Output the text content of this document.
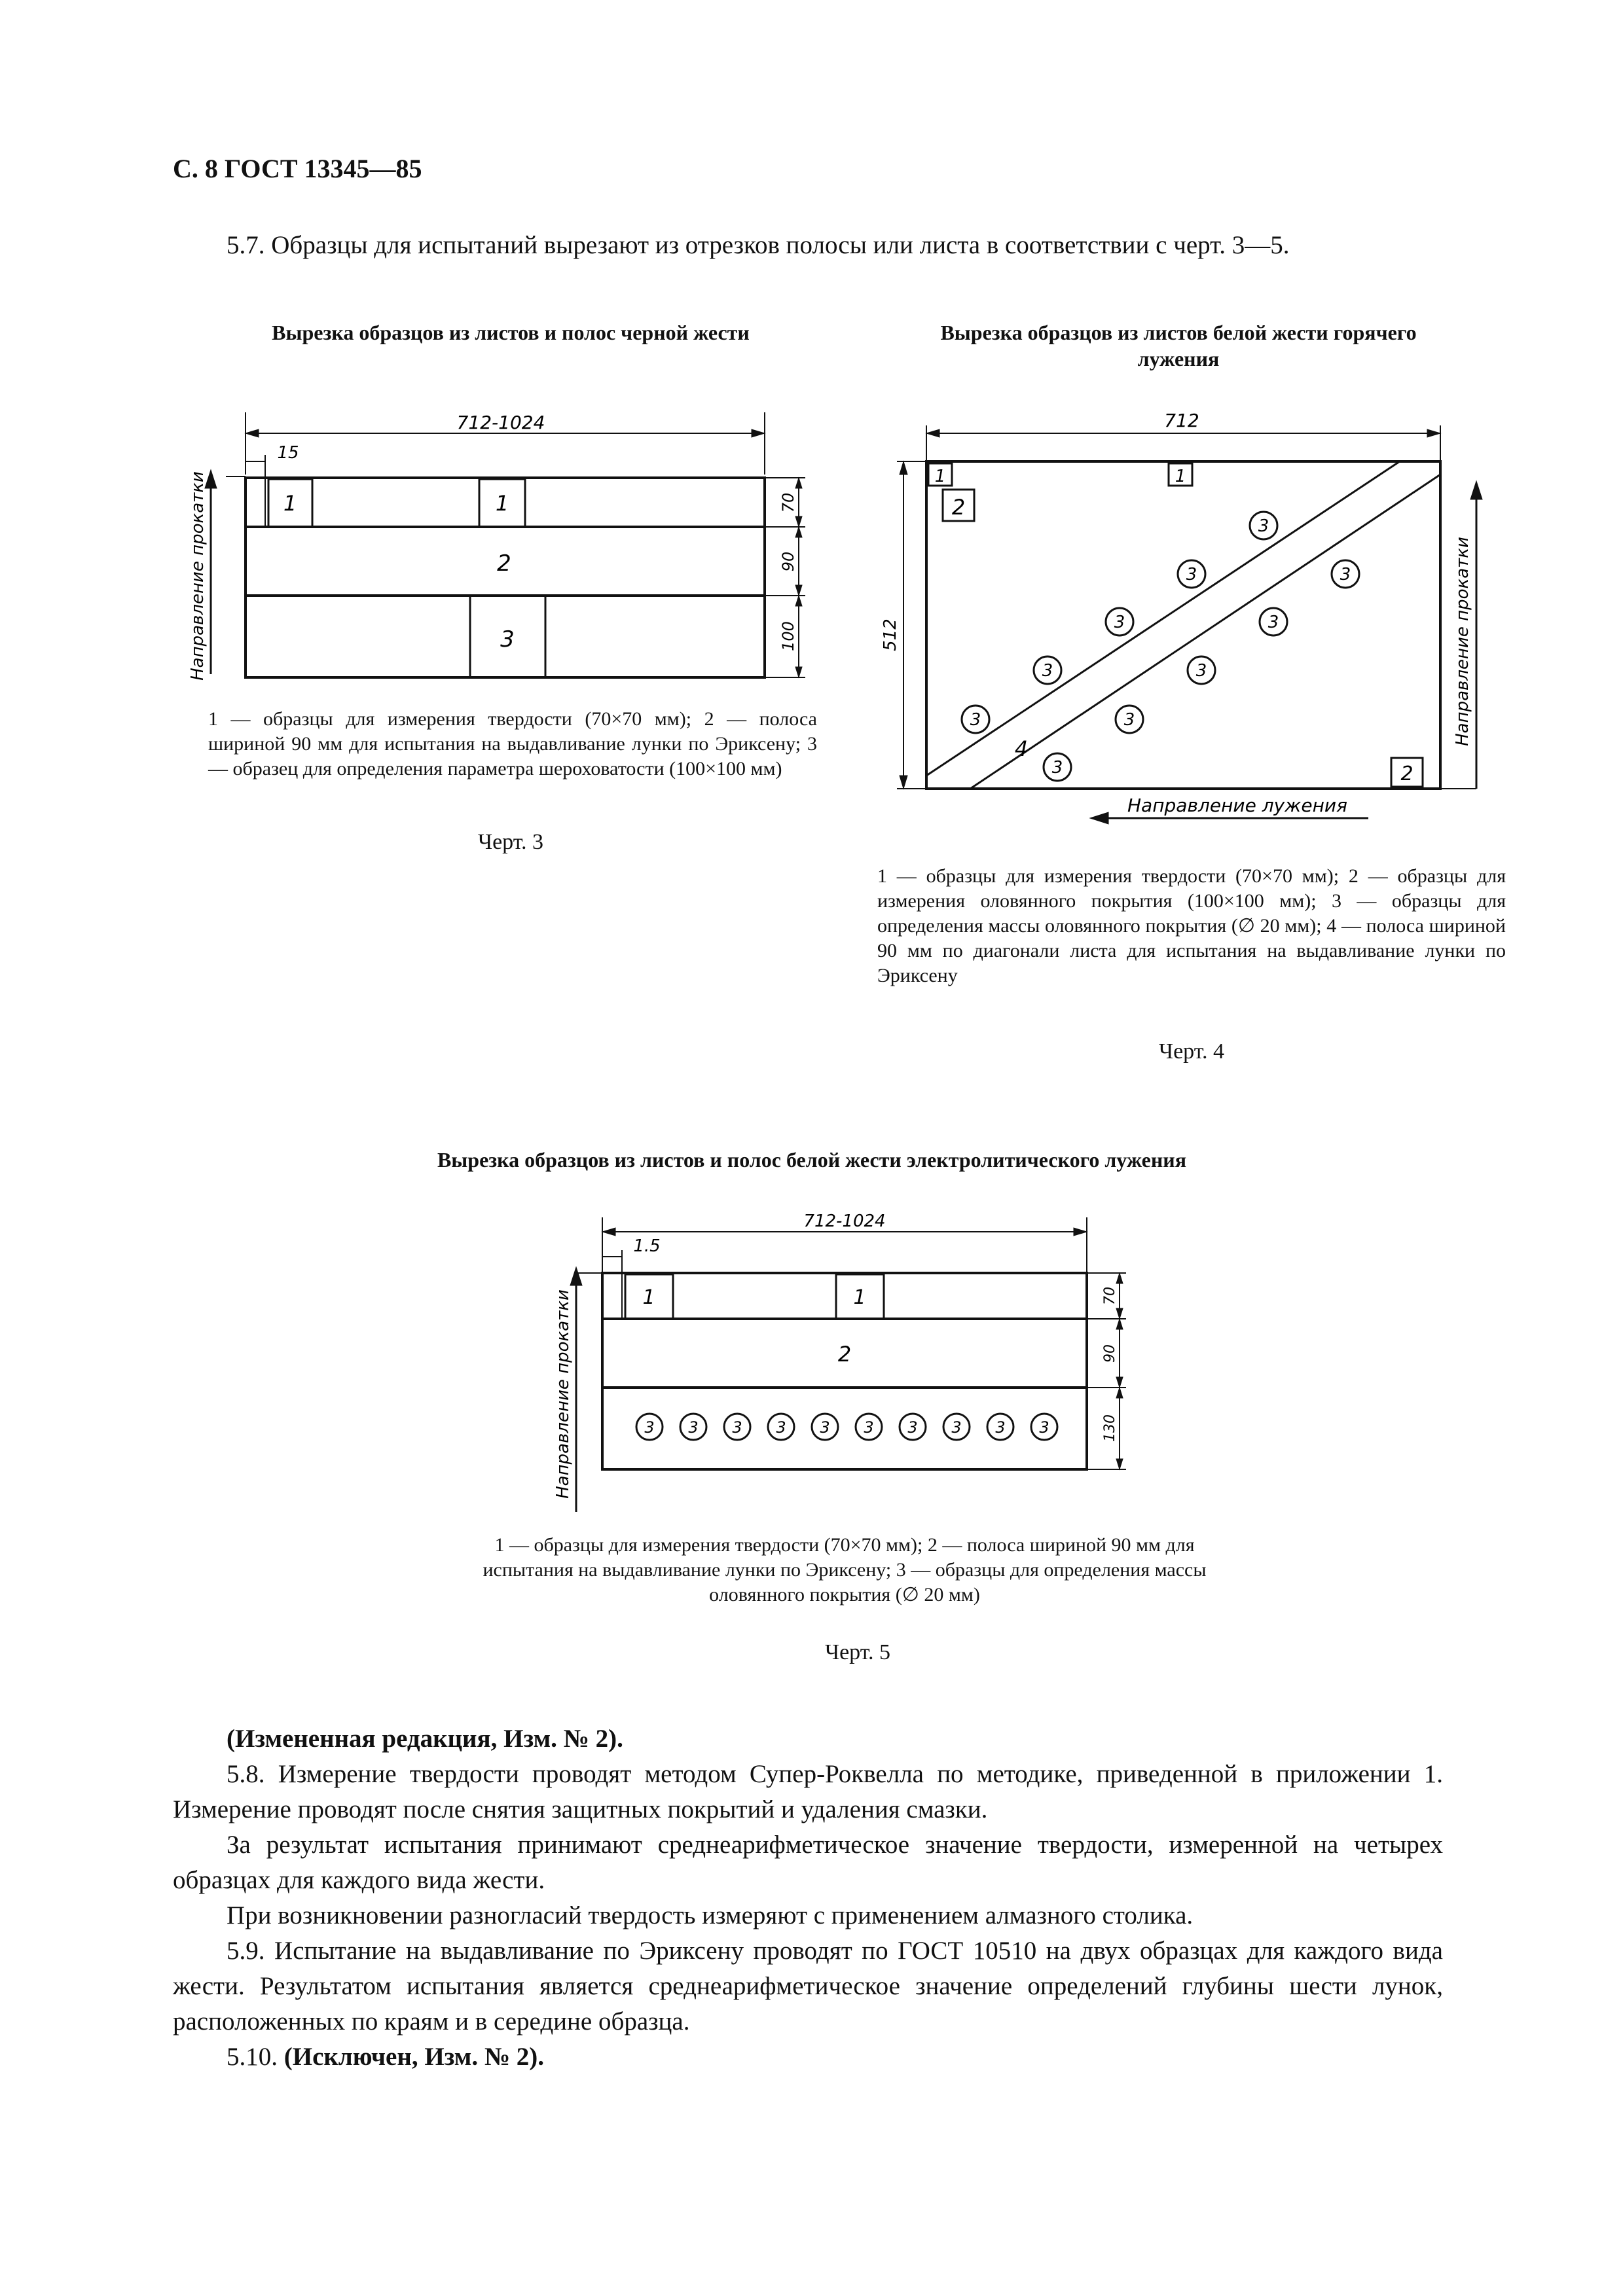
С. 8 ГОСТ 13345—85
5.7. Образцы для испытаний вырезают из отрезков полосы или листа в соответствии с черт. 3—5.
Вырезка образцов из листов и полос черной жести
712-1024
15
1	1
2
3
70
90
100
Направление прокатки
1 — образцы для измерения твердости (70×70 мм); 2 — полоса шириной 90 мм для испытания на выдавливание лунки по Эриксену; 3 — образец для определения параметра шероховатости (100×100 мм)
Черт. 3
Вырезка образцов из листов белой жести горячего лужения
712
512
1	1
2
2
3
3
3
3
3
3
3
3
3
3
4
Направление прокатки
Направление лужения
1 — образцы для измерения твердости (70×70 мм); 2 — образцы для измерения оловянного покрытия (100×100 мм); 3 — образцы для определения массы оловянного покрытия (∅ 20 мм); 4 — полоса шириной 90 мм по диагонали листа для испытания на выдавливание лунки по Эриксену
Черт. 4
Вырезка образцов из листов и полос белой жести электролитического лужения
712-1024
1.5
1	1
2
3 3 3 3 3 3 3 3 3 3
70
90
130
Направление прокатки
1 — образцы для измерения твердости (70×70 мм); 2 — полоса шириной 90 мм для испытания на выдавливание лунки по Эриксену; 3 — образцы для определения массы оловянного покрытия (∅ 20 мм)
Черт. 5
(Измененная редакция, Изм. № 2).
5.8. Измерение твердости проводят методом Супер-Роквелла по методике, приведенной в приложении 1. Измерение проводят после снятия защитных покрытий и удаления смазки.
За результат испытания принимают среднеарифметическое значение твердости, измеренной на четырех образцах для каждого вида жести.
При возникновении разногласий твердость измеряют с применением алмазного столика.
5.9. Испытание на выдавливание по Эриксену проводят по ГОСТ 10510 на двух образцах для каждого вида жести. Результатом испытания является среднеарифметическое значение определений глубины шести лунок, расположенных по краям и в середине образца.
5.10. (Исключен, Изм. № 2).
